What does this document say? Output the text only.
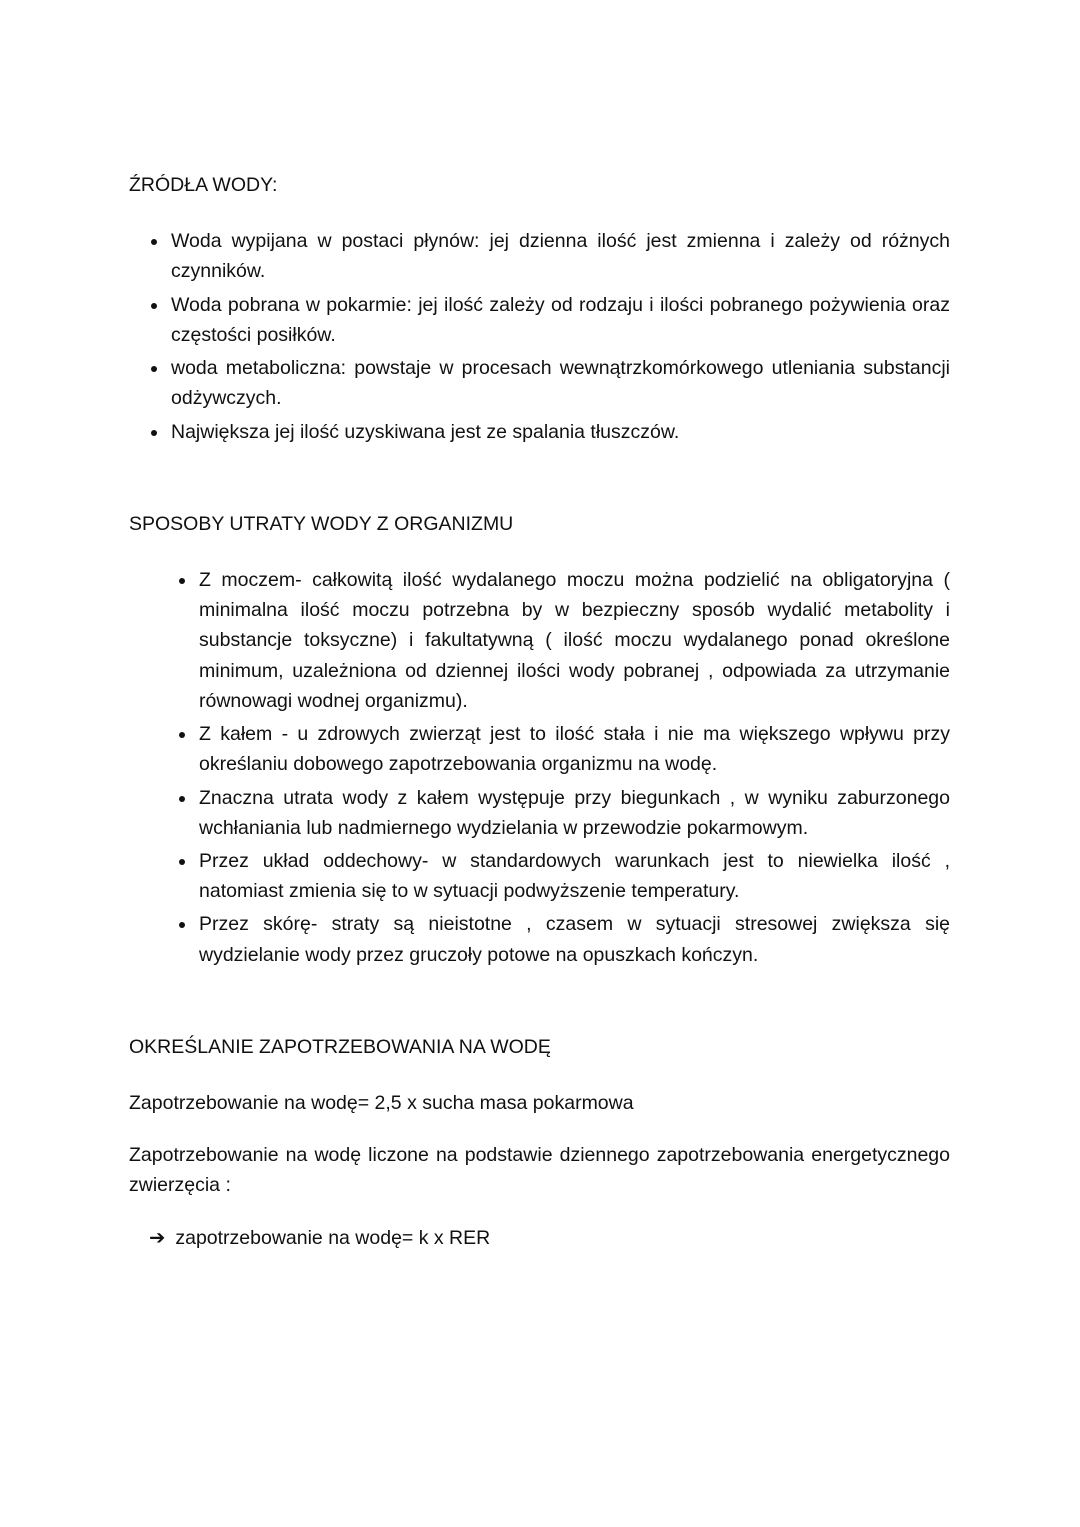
ŹRÓDŁA WODY:
• Woda wypijana w postaci płynów: jej dzienna ilość jest zmienna i zależy od różnych czynników.
• Woda pobrana w pokarmie: jej ilość zależy od rodzaju i ilości pobranego pożywienia oraz częstości posiłków.
• woda metaboliczna: powstaje w procesach wewnątrzkomórkowego utleniania substancji odżywczych.
• Największa jej ilość uzyskiwana jest ze spalania tłuszczów.
SPOSOBY UTRATY WODY Z ORGANIZMU
• Z moczem- całkowitą ilość wydalanego moczu można podzielić na obligatoryjna ( minimalna ilość moczu potrzebna by w bezpieczny sposób wydalić metabolity i substancje toksyczne) i fakultatywną ( ilość moczu wydalanego ponad określone minimum, uzależniona od dziennej ilości wody pobranej , odpowiada za utrzymanie równowagi wodnej organizmu).
• Z kałem - u zdrowych zwierząt jest to ilość stała i nie ma większego wpływu przy określaniu dobowego zapotrzebowania organizmu na wodę.
• Znaczna utrata wody z kałem występuje przy biegunkach , w wyniku zaburzonego wchłaniania lub nadmiernego wydzielania w przewodzie pokarmowym.
• Przez układ oddechowy- w standardowych warunkach jest to niewielka ilość , natomiast zmienia się to w sytuacji podwyższenie temperatury.
• Przez skórę- straty są nieistotne , czasem w sytuacji stresowej zwiększa się wydzielanie wody przez gruczoły potowe na opuszkach kończyn.
OKREŚLANIE ZAPOTRZEBOWANIA NA WODĘ

Zapotrzebowanie na wodę= 2,5 x sucha masa pokarmowa

Zapotrzebowanie na wodę liczone na podstawie dziennego zapotrzebowania energetycznego zwierzęcia :

➔ zapotrzebowanie na wodę= k x RER
